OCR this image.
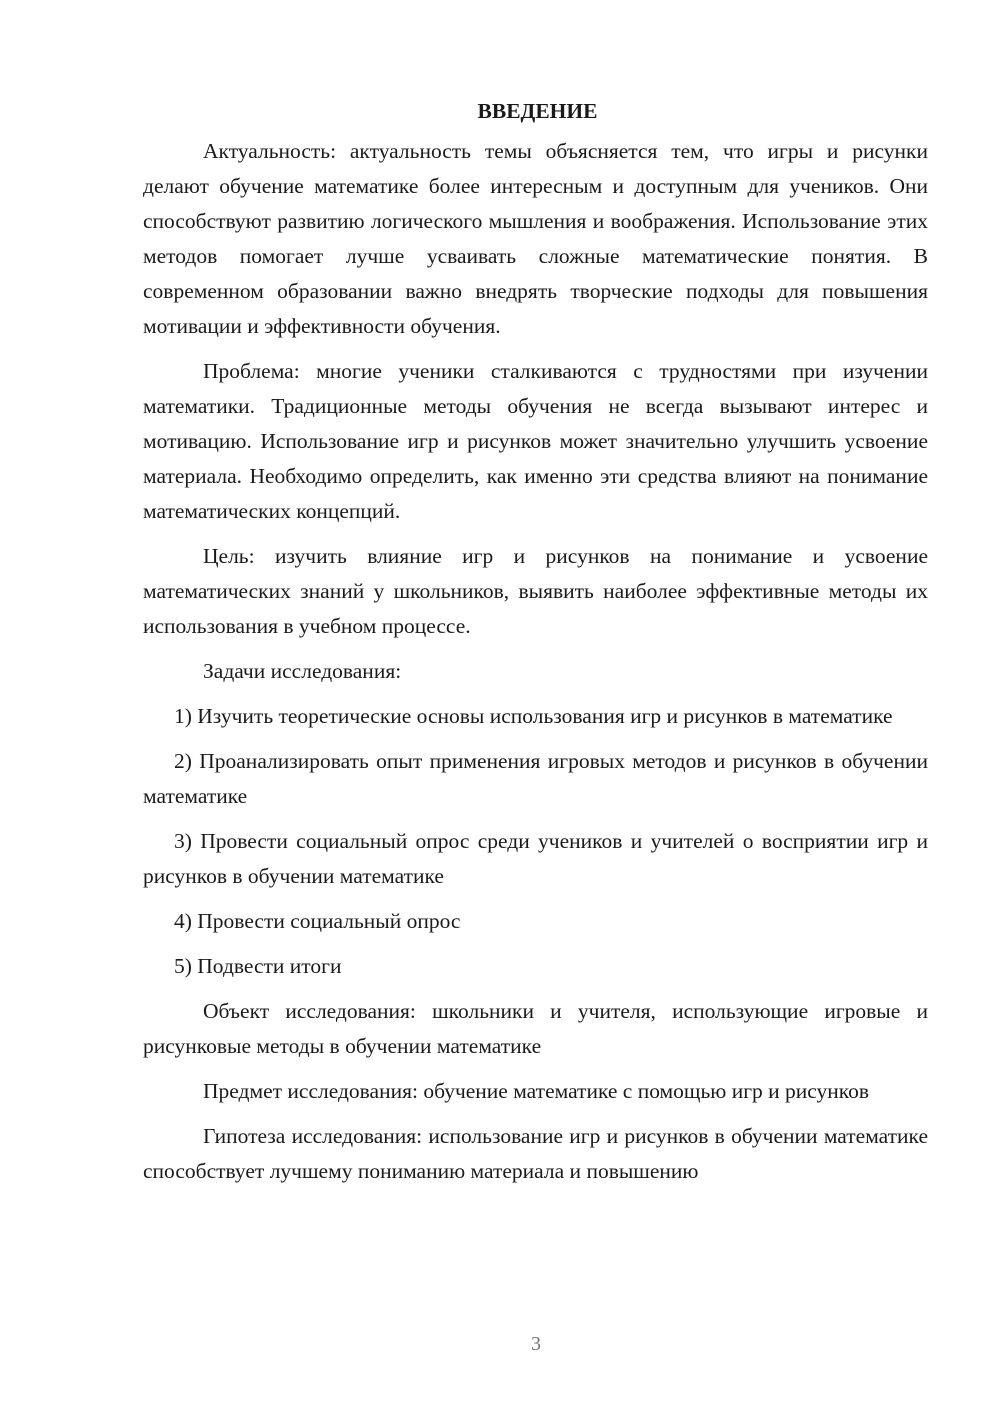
ВВЕДЕНИЕ

Актуальность: актуальность темы объясняется тем, что игры и рисунки делают обучение математике более интересным и доступным для учеников. Они способствуют развитию логического мышления и воображения. Использование этих методов помогает лучше усваивать сложные математические понятия. В современном образовании важно внедрять творческие подходы для повышения мотивации и эффективности обучения.

Проблема: многие ученики сталкиваются с трудностями при изучении математики. Традиционные методы обучения не всегда вызывают интерес и мотивацию. Использование игр и рисунков может значительно улучшить усвоение материала. Необходимо определить, как именно эти средства влияют на понимание математических концепций.

Цель: изучить влияние игр и рисунков на понимание и усвоение математических знаний у школьников, выявить наиболее эффективные методы их использования в учебном процессе.

Задачи исследования:

1) Изучить теоретические основы использования игр и рисунков в математике

2) Проанализировать опыт применения игровых методов и рисунков в обучении математике

3) Провести социальный опрос среди учеников и учителей о восприятии игр и рисунков в обучении математике

4) Провести социальный опрос

5) Подвести итоги

Объект исследования: школьники и учителя, использующие игровые и рисунковые методы в обучении математике

Предмет исследования: обучение математике с помощью игр и рисунков

Гипотеза исследования: использование игр и рисунков в обучении математике способствует лучшему пониманию материала и повышению

3
